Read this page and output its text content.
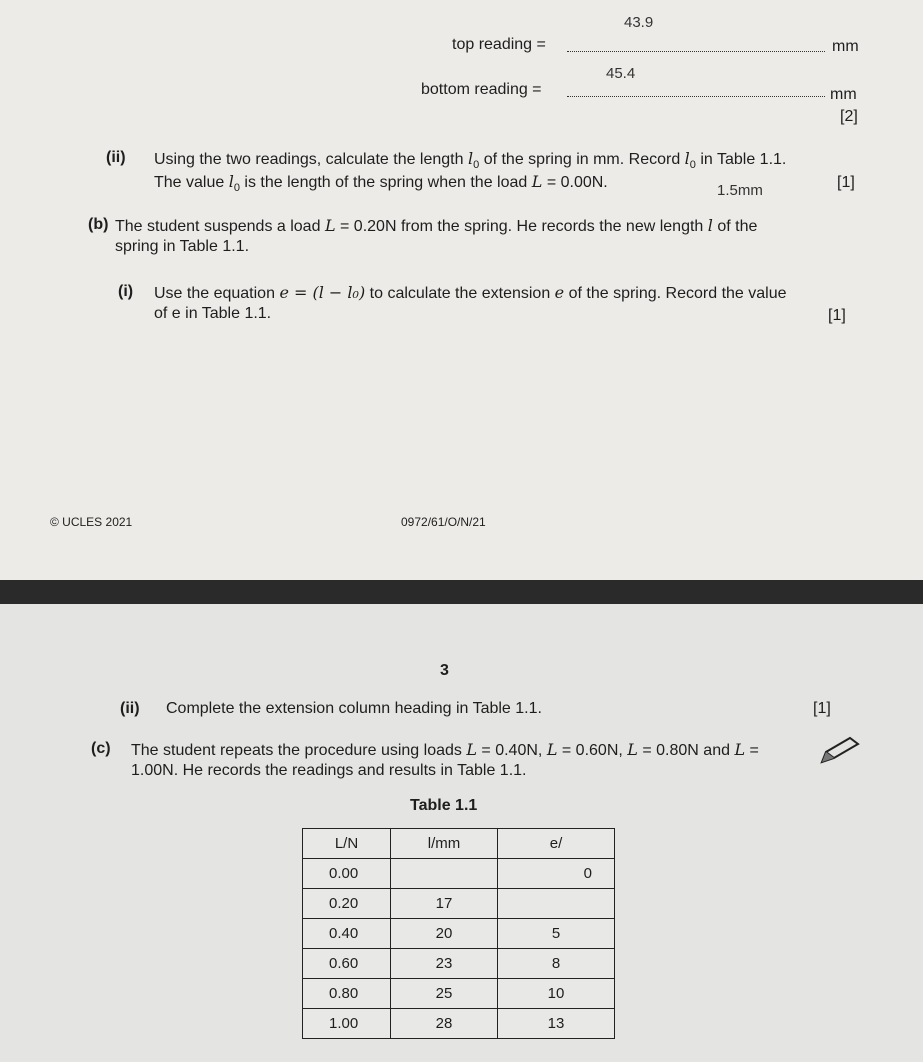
43.9
top reading =	mm
45.4
bottom reading =	mm
[2]
(ii) Using the two readings, calculate the length $l_0$ of the spring in mm. Record $l_0$ in Table 1.1.
The value $l_0$ is the length of the spring when the load L = 0.00N.	1.5mm	[1]
(b) The student suspends a load L = 0.20N from the spring. He records the new length l of the
spring in Table 1.1.
(i) Use the equation e = (l − l₀) to calculate the extension e of the spring. Record the value
of e in Table 1.1.	[1]
© UCLES 2021	0972/61/O/N/21
3
(ii) Complete the extension column heading in Table 1.1.	[1]
(c) The student repeats the procedure using loads L = 0.40N, L = 0.60N, L = 0.80N and L =
1.00N. He records the readings and results in Table 1.1.
Table 1.1
L/N	l/mm	e/
0.00		0
0.20	17	
0.40	20	5
0.60	23	8
0.80	25	10
1.00	28	13
